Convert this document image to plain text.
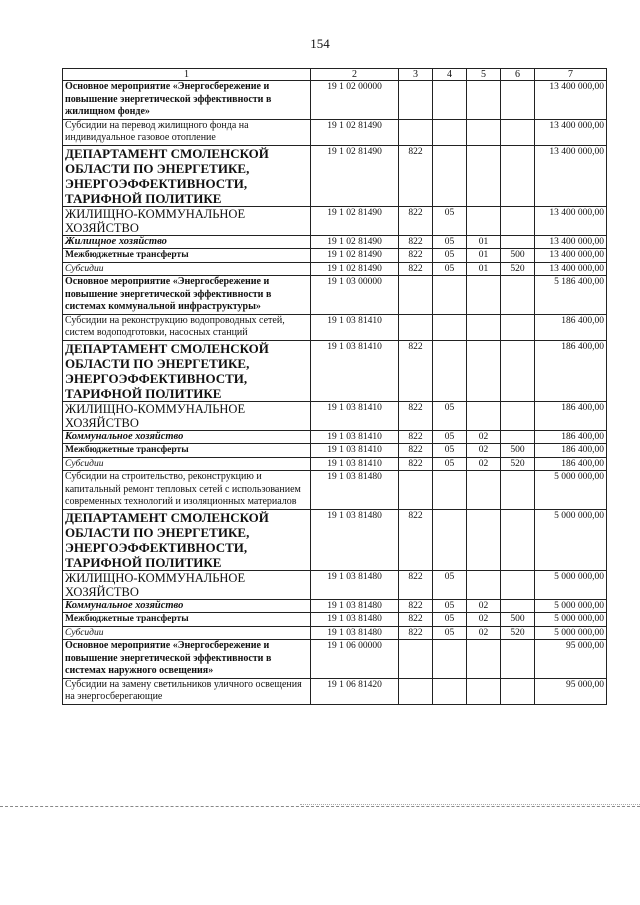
154
1	2	3	4	5	6	7
Основное мероприятие «Энергосбережение и повышение энергетической эффективности в жилищном фонде»	19 1 02 00000					13 400 000,00
Субсидии на перевод жилищного фонда на индивидуальное газовое отопление	19 1 02 81490					13 400 000,00
ДЕПАРТАМЕНТ СМОЛЕНСКОЙ ОБЛАСТИ ПО ЭНЕРГЕТИКЕ, ЭНЕРГОЭФФЕКТИВНОСТИ, ТАРИФНОЙ ПОЛИТИКЕ	19 1 02 81490	822				13 400 000,00
ЖИЛИЩНО-КОММУНАЛЬНОЕ ХОЗЯЙСТВО	19 1 02 81490	822	05			13 400 000,00
Жилищное хозяйство	19 1 02 81490	822	05	01		13 400 000,00
Межбюджетные трансферты	19 1 02 81490	822	05	01	500	13 400 000,00
Субсидии	19 1 02 81490	822	05	01	520	13 400 000,00
Основное мероприятие «Энергосбережение и повышение энергетической эффективности в системах коммунальной инфраструктуры»	19 1 03 00000					5 186 400,00
Субсидии на реконструкцию водопроводных сетей, систем водоподготовки, насосных станций	19 1 03 81410					186 400,00
ДЕПАРТАМЕНТ СМОЛЕНСКОЙ ОБЛАСТИ ПО ЭНЕРГЕТИКЕ, ЭНЕРГОЭФФЕКТИВНОСТИ, ТАРИФНОЙ ПОЛИТИКЕ	19 1 03 81410	822				186 400,00
ЖИЛИЩНО-КОММУНАЛЬНОЕ ХОЗЯЙСТВО	19 1 03 81410	822	05			186 400,00
Коммунальное хозяйство	19 1 03 81410	822	05	02		186 400,00
Межбюджетные трансферты	19 1 03 81410	822	05	02	500	186 400,00
Субсидии	19 1 03 81410	822	05	02	520	186 400,00
Субсидии на строительство, реконструкцию и капитальный ремонт тепловых сетей с использованием современных технологий и изоляционных материалов	19 1 03 81480					5 000 000,00
ДЕПАРТАМЕНТ СМОЛЕНСКОЙ ОБЛАСТИ ПО ЭНЕРГЕТИКЕ, ЭНЕРГОЭФФЕКТИВНОСТИ, ТАРИФНОЙ ПОЛИТИКЕ	19 1 03 81480	822				5 000 000,00
ЖИЛИЩНО-КОММУНАЛЬНОЕ ХОЗЯЙСТВО	19 1 03 81480	822	05			5 000 000,00
Коммунальное хозяйство	19 1 03 81480	822	05	02		5 000 000,00
Межбюджетные трансферты	19 1 03 81480	822	05	02	500	5 000 000,00
Субсидии	19 1 03 81480	822	05	02	520	5 000 000,00
Основное мероприятие «Энергосбережение и повышение энергетической эффективности в системах наружного освещения»	19 1 06 00000					95 000,00
Субсидии на замену светильников уличного освещения на энергосберегающие	19 1 06 81420					95 000,00
